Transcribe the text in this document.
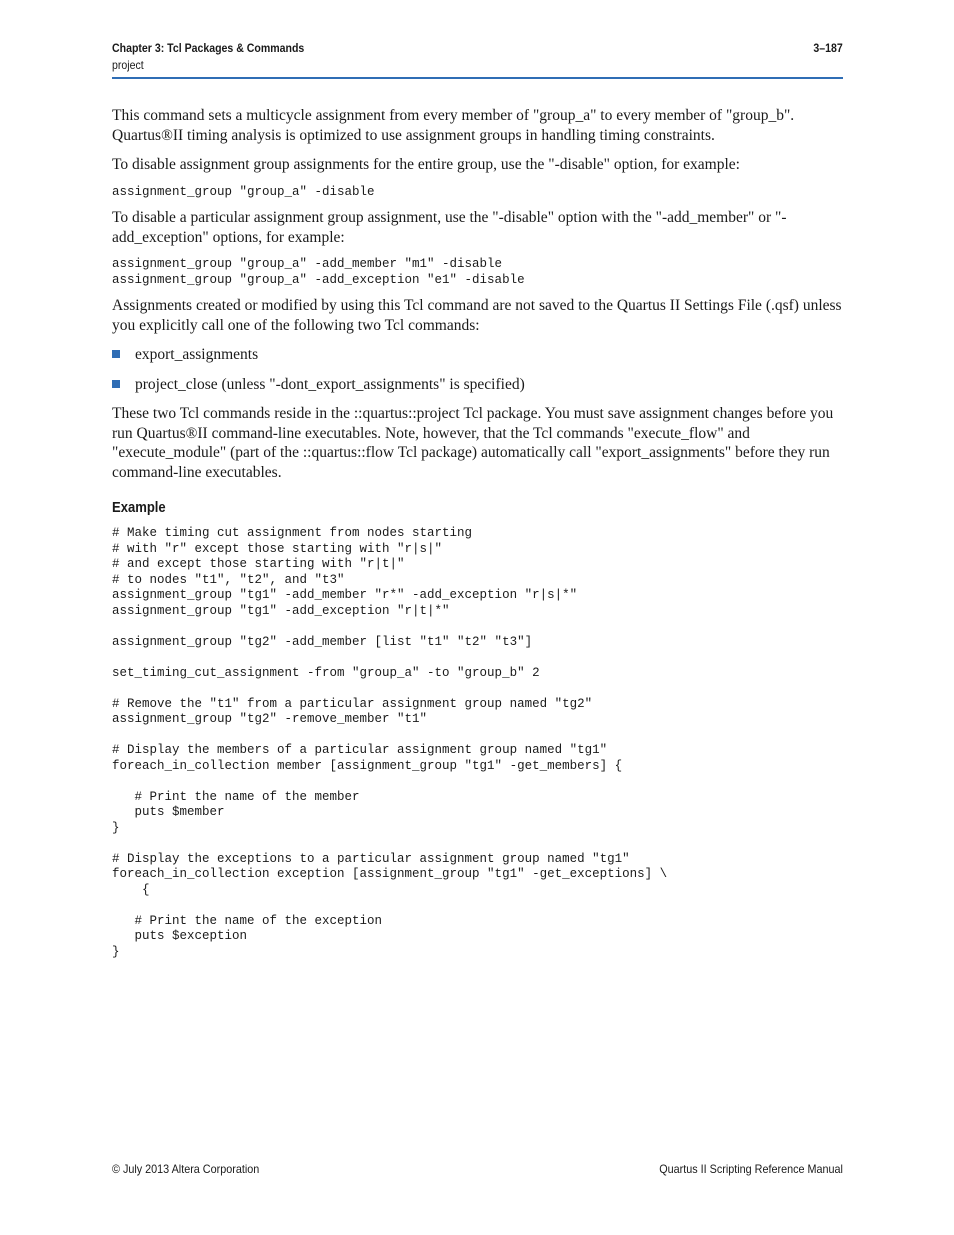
Chapter 3: Tcl Packages & Commands	3–187
project

This command sets a multicycle assignment from every member of "group_a" to every member of "group_b". Quartus®II timing analysis is optimized to use assignment groups in handling timing constraints.

To disable assignment group assignments for the entire group, use the "-disable" option, for example:

assignment_group "group_a" -disable

To disable a particular assignment group assignment, use the "-disable" option with the "-add_member" or "-add_exception" options, for example:

assignment_group "group_a" -add_member "m1" -disable
assignment_group "group_a" -add_exception "e1" -disable

Assignments created or modified by using this Tcl command are not saved to the Quartus II Settings File (.qsf) unless you explicitly call one of the following two Tcl commands:

export_assignments
project_close (unless "-dont_export_assignments" is specified)

These two Tcl commands reside in the ::quartus::project Tcl package. You must save assignment changes before you run Quartus®II command-line executables. Note, however, that the Tcl commands "execute_flow" and "execute_module" (part of the ::quartus::flow Tcl package) automatically call "export_assignments" before they run command-line executables.

Example
# Make timing cut assignment from nodes starting
# with "r" except those starting with "r|s|"
# and except those starting with "r|t|"
# to nodes "t1", "t2", and "t3"
assignment_group "tg1" -add_member "r*" -add_exception "r|s|*"
assignment_group "tg1" -add_exception "r|t|*"

assignment_group "tg2" -add_member [list "t1" "t2" "t3"]

set_timing_cut_assignment -from "group_a" -to "group_b" 2

# Remove the "t1" from a particular assignment group named "tg2"
assignment_group "tg2" -remove_member "t1"

# Display the members of a particular assignment group named "tg1"
foreach_in_collection member [assignment_group "tg1" -get_members] {

# Print the name of the member
puts $member
}

# Display the exceptions to a particular assignment group named "tg1"
foreach_in_collection exception [assignment_group "tg1" -get_exceptions] \
{

# Print the name of the exception
puts $exception
}
© July 2013 Altera Corporation	Quartus II Scripting Reference Manual
